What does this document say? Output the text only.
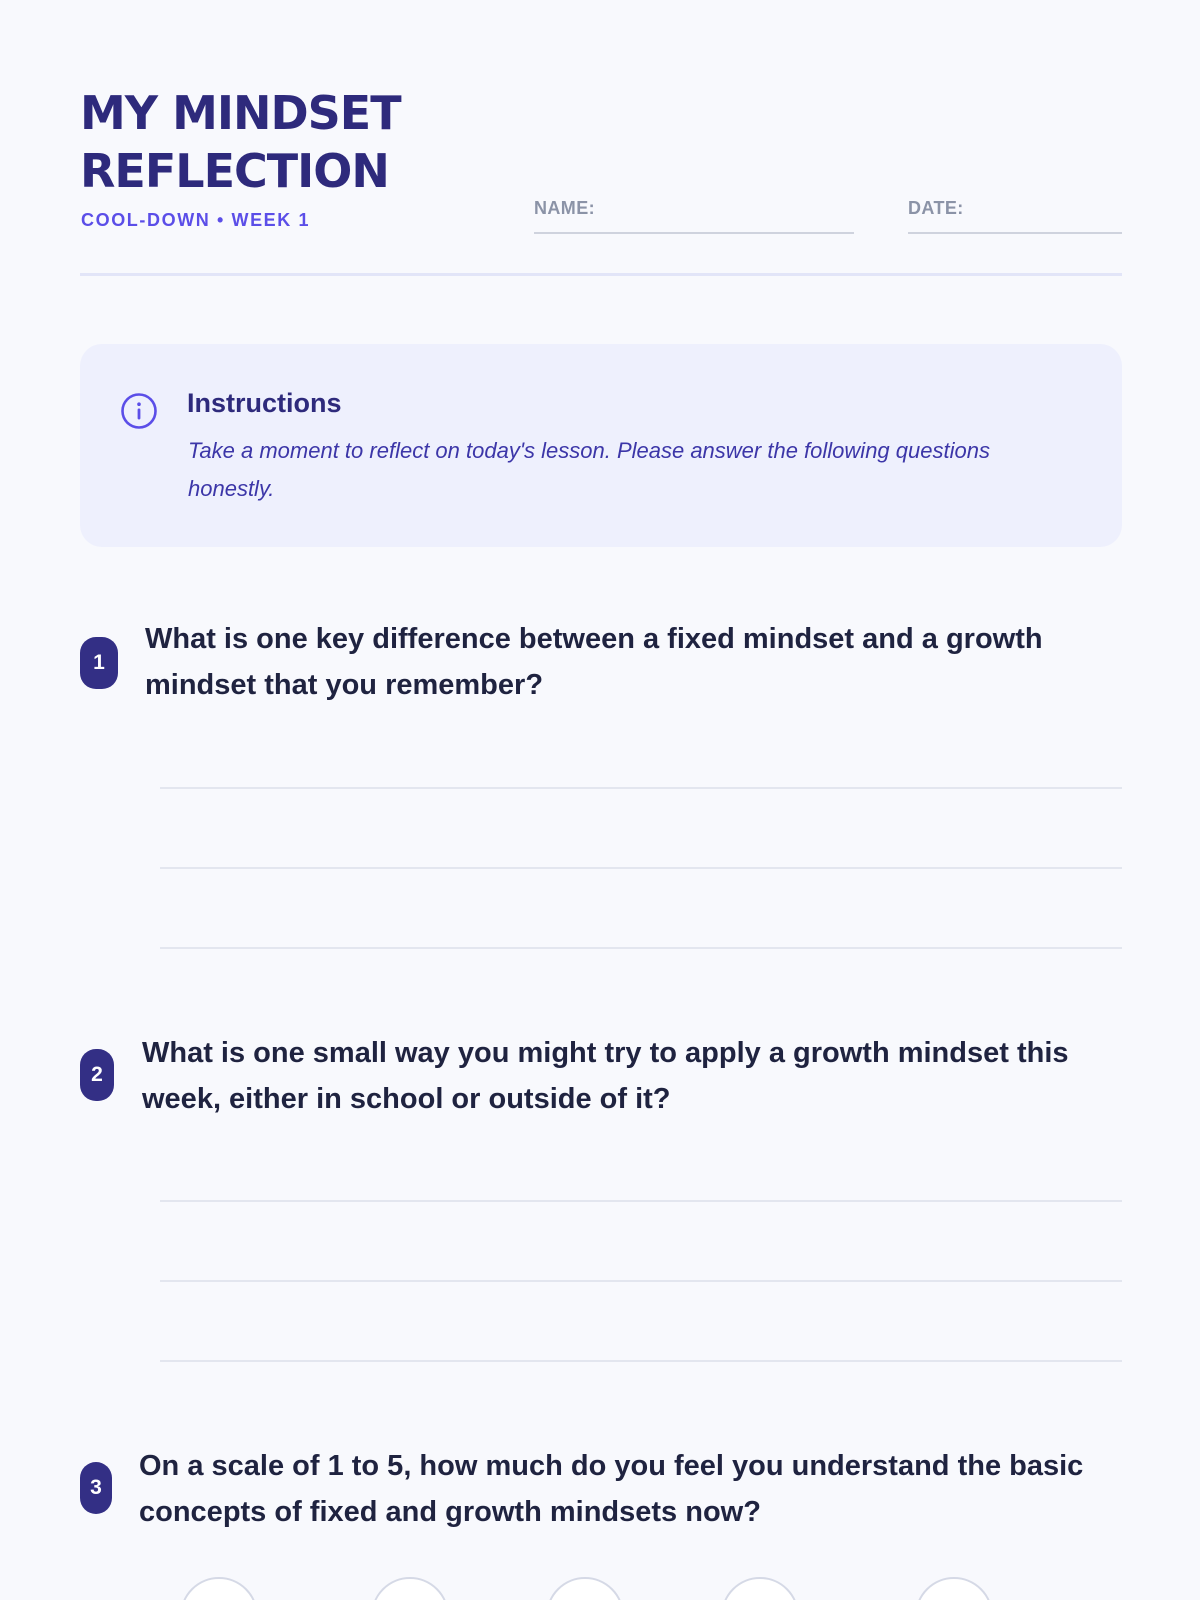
MY MINDSET
REFLECTION
COOL-DOWN • WEEK 1
NAME:	DATE:
Instructions
Take a moment to reflect on today's lesson. Please answer the following questions honestly.
1
What is one key difference between a fixed mindset and a growth mindset that you remember?
2
What is one small way you might try to apply a growth mindset this week, either in school or outside of it?
3
On a scale of 1 to 5, how much do you feel you understand the basic concepts of fixed and growth mindsets now?
